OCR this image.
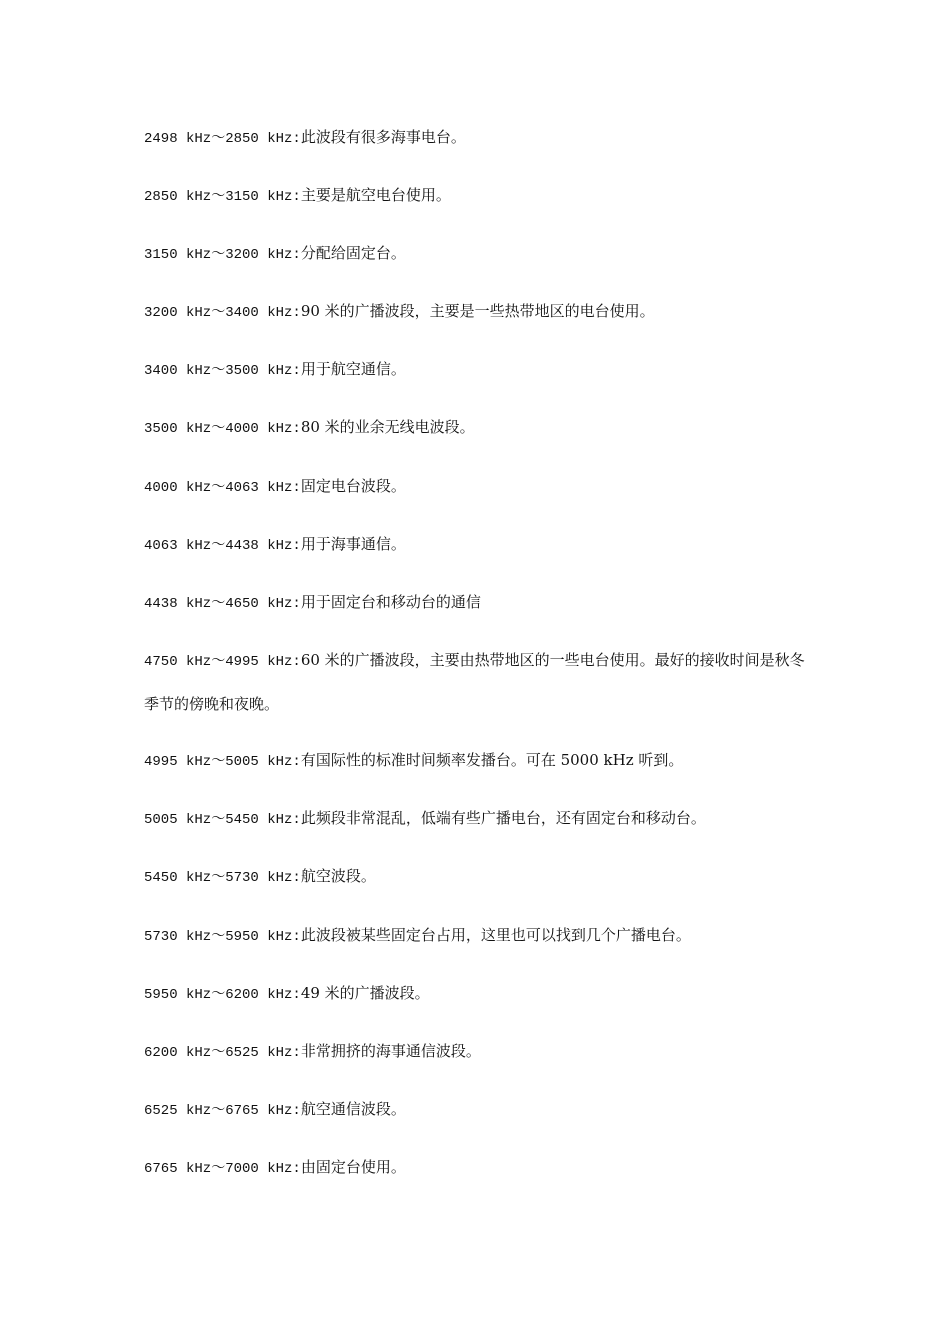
2498 kHz～2850 kHz:此波段有很多海事电台。
2850 kHz～3150 kHz:主要是航空电台使用。
3150 kHz～3200 kHz:分配给固定台。
3200 kHz～3400 kHz:90 米的广播波段，主要是一些热带地区的电台使用。
3400 kHz～3500 kHz:用于航空通信。
3500 kHz～4000 kHz:80 米的业余无线电波段。
4000 kHz～4063 kHz:固定电台波段。
4063 kHz～4438 kHz:用于海事通信。
4438 kHz～4650 kHz:用于固定台和移动台的通信
4750 kHz～4995 kHz:60 米的广播波段，主要由热带地区的一些电台使用。最好的接收时间是秋冬季节的傍晚和夜晚。
4995 kHz～5005 kHz:有国际性的标准时间频率发播台。可在 5000 kHz 听到。
5005 kHz～5450 kHz:此频段非常混乱，低端有些广播电台，还有固定台和移动台。
5450 kHz～5730 kHz:航空波段。
5730 kHz～5950 kHz:此波段被某些固定台占用，这里也可以找到几个广播电台。
5950 kHz～6200 kHz:49 米的广播波段。
6200 kHz～6525 kHz:非常拥挤的海事通信波段。
6525 kHz～6765 kHz:航空通信波段。
6765 kHz～7000 kHz:由固定台使用。
